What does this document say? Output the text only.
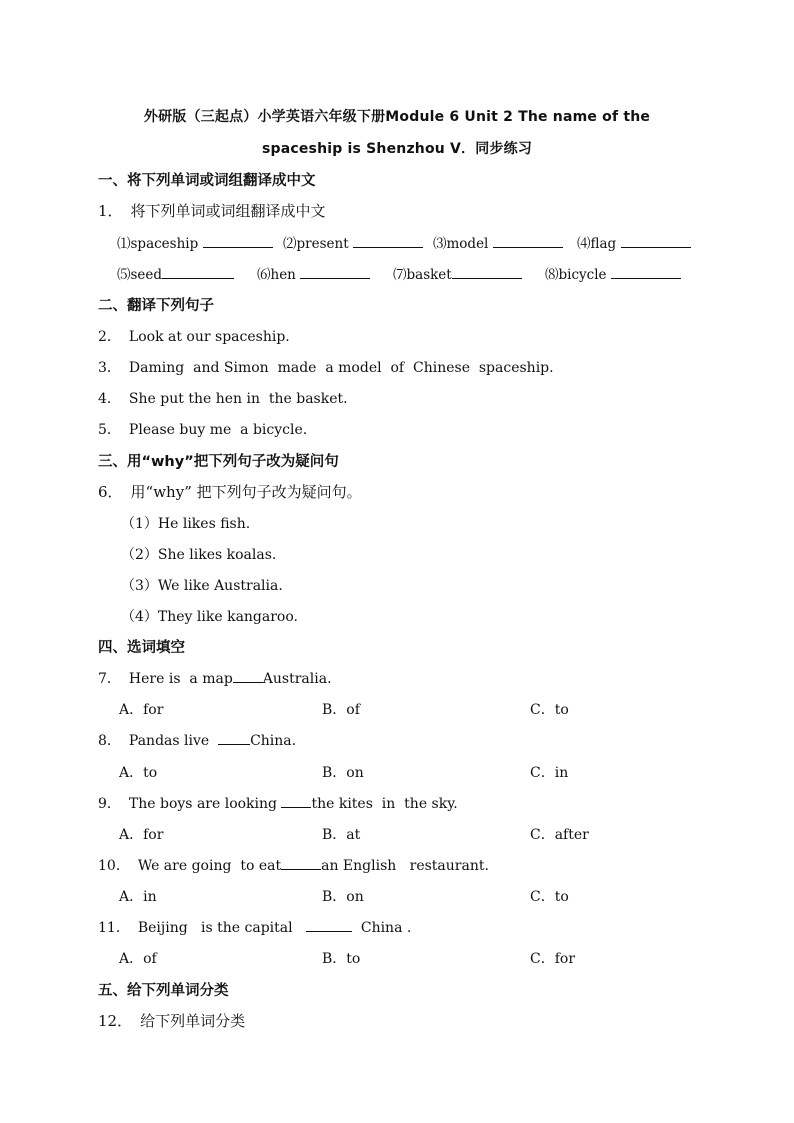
外研版（三起点）小学英语六年级下册Module 6 Unit 2 The name of the
spaceship is Shenzhou V．同步练习
一、将下列单词或词组翻译成中文
1． 将下列单词或词组翻译成中文
⑴spaceship	⑵present	⑶model	⑷flag
⑸seed	⑹hen	⑺basket	⑻bicycle
二、翻译下列句子
2． Look at our spaceship.
3． Daming  and Simon  made  a model  of  Chinese  spaceship.
4． She put the hen in  the basket.
5． Please buy me  a bicycle.
三、用“why”把下列句子改为疑问句
6． 用“why” 把下列句子改为疑问句。
（1）He likes fish.
（2）She likes koalas.
（3）We like Australia.
（4）They like kangaroo.
四、选词填空
7． Here is  a map Australia.
A．for	B．of	C．to
8． Pandas live  China.
A．to	B．on	C．in
9． The boys are looking the kites  in  the sky.
A．for	B．at	C．after
10． We are going  to eat	an English   restaurant.
A．in	B．on	C．to
11． Beijing   is the capital	China .
A．of	B．to	C．for
五、给下列单词分类
12． 给下列单词分类
